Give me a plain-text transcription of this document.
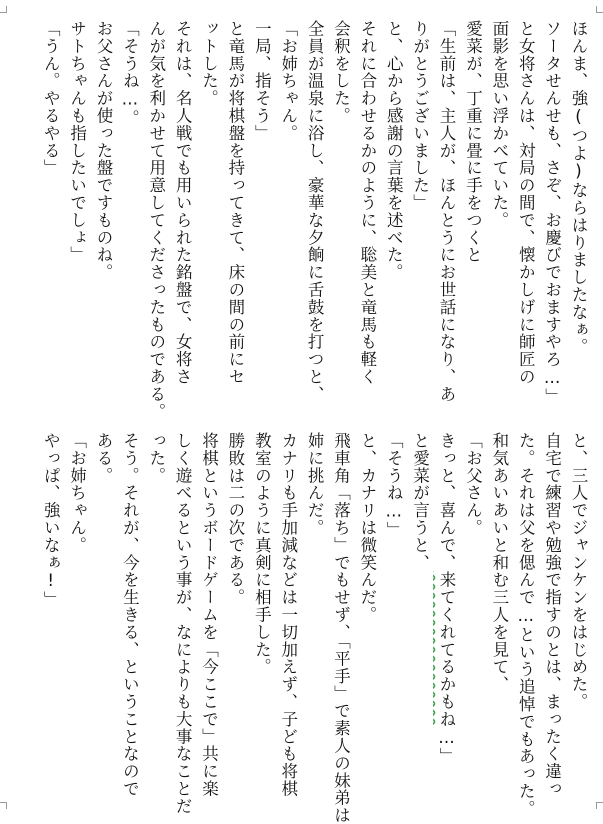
ほんま、強(つよ)ならはりましたなぁ。

ソータせんせも、さぞ、お慶びでおますやろ…」

と女将さんは、対局の間で、懐かしげに師匠の

面影を思い浮かべていた。

愛菜が、丁重に畳に手をつくと

「生前は、主人が、ほんとうにお世話になり、あ

りがとうございました」

と、心から感謝の言葉を述べた。

それに合わせるかのように、聡美と竜馬も軽く

会釈をした。

全員が温泉に浴し、豪華な夕餉に舌鼓を打つと、

「お姉ちゃん。

一局、指そう」

と竜馬が将棋盤を持ってきて、床の間の前にセ

ットした。

それは、名人戦でも用いられた銘盤で、女将さ

んが気を利かせて用意してくださったものである。

「そうね…。

お父さんが使った盤ですものね。

サトちゃんも指したいでしょ」

「うん。やるやる」

と、三人でジャンケンをはじめた。

自宅で練習や勉強で指すのとは、まったく違っ

た。それは父を偲んで…という追悼でもあった。

和気あいあいと和む三人を見て、

「お父さん。

きっと、喜んで、来てくれてるかもね…」

と愛菜が言うと、

「そうね…」

と、カナリは微笑んだ。

飛車角「落ち」でもせず、「平手」で素人の妹弟は

姉に挑んだ。

カナリも手加減などは一切加えず、子ども将棋

教室のように真剣に相手した。

勝敗は二の次である。

将棋というボードゲームを「今ここで」共に楽

しく遊べるという事が、なによりも大事なことだ

った。

そう。それが、今を生きる、ということなので

ある。

「お姉ちゃん。

やっぱ、強いなぁ!」
